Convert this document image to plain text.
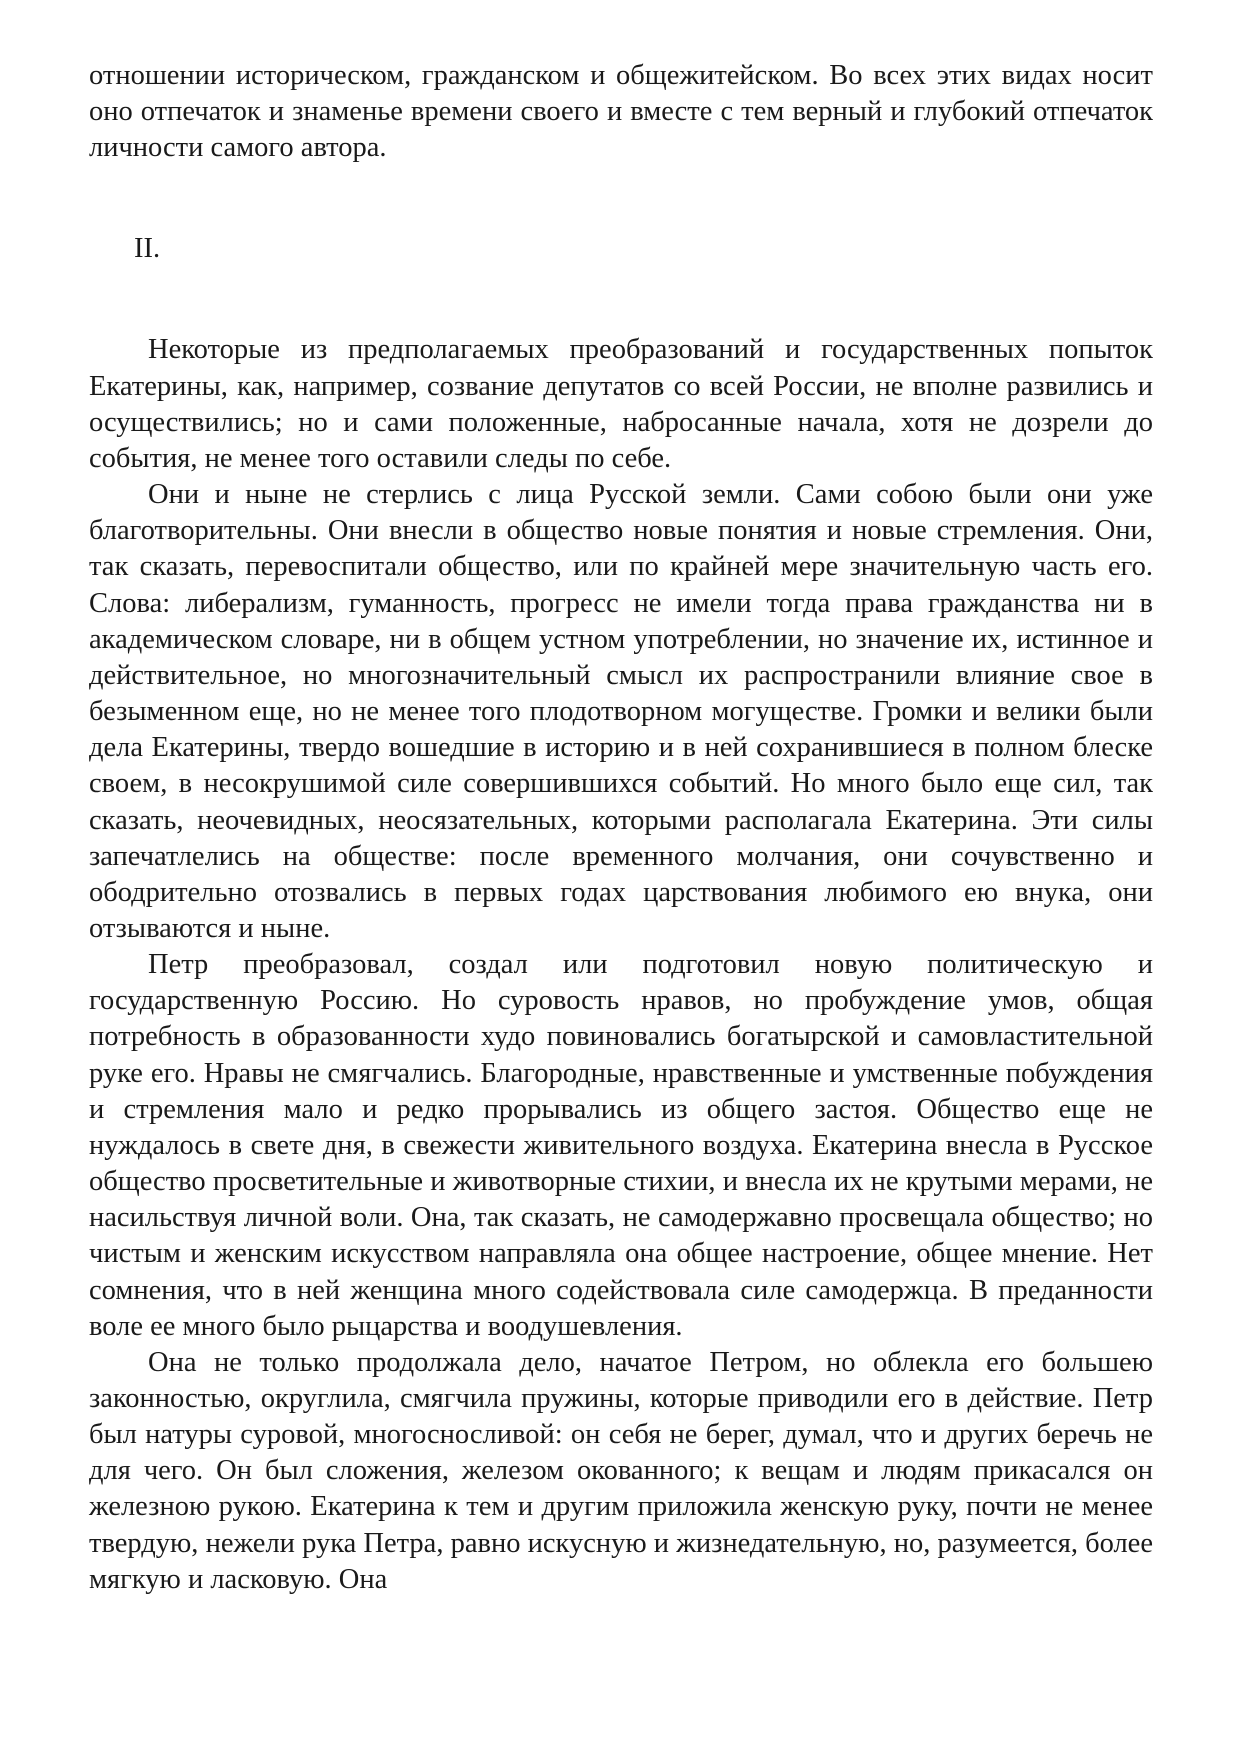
отношении историческом, гражданском и общежитейском. Во всех этих видах носит оно отпечаток и знаменье времени своего и вместе с тем верный и глубокий отпечаток личности самого автора.

II.

Некоторые из предполагаемых преобразований и государственных попыток Екатерины, как, например, созвание депутатов со всей России, не вполне развились и осуществились; но и сами положенные, набросанные начала, хотя не дозрели до события, не менее того оставили следы по себе.

Они и ныне не стерлись с лица Русской земли. Сами собою были они уже благотворительны. Они внесли в общество новые понятия и новые стремления. Они, так сказать, перевоспитали общество, или по крайней мере значительную часть его. Слова: либерализм, гуманность, прогресс не имели тогда права гражданства ни в академическом словаре, ни в общем устном употреблении, но значение их, истинное и действительное, но многозначительный смысл их распространили влияние свое в безыменном еще, но не менее того плодотворном могуществе. Громки и велики были дела Екатерины, твердо вошедшие в историю и в ней сохранившиеся в полном блеске своем, в несокрушимой силе совершившихся событий. Но много было еще сил, так сказать, неочевидных, неосязательных, которыми располагала Екатерина. Эти силы запечатлелись на обществе: после временного молчания, они сочувственно и ободрительно отозвались в первых годах царствования любимого ею внука, они отзываются и ныне.

Петр преобразовал, создал или подготовил новую политическую и государственную Россию. Но суровость нравов, но пробуждение умов, общая потребность в образованности худо повиновались богатырской и самовластительной руке его. Нравы не смягчались. Благородные, нравственные и умственные побуждения и стремления мало и редко прорывались из общего застоя. Общество еще не нуждалось в свете дня, в свежести живительного воздуха. Екатерина внесла в Русское общество просветительные и животворные стихии, и внесла их не крутыми мерами, не насильствуя личной воли. Она, так сказать, не самодержавно просвещала общество; но чистым и женским искусством направляла она общее настроение, общее мнение. Нет сомнения, что в ней женщина много содействовала силе самодержца. В преданности воле ее много было рыцарства и воодушевления.

Она не только продолжала дело, начатое Петром, но облекла его большею законностью, округлила, смягчила пружины, которые приводили его в действие. Петр был натуры суровой, многосносливой: он себя не берег, думал, что и других беречь не для чего. Он был сложения, железом окованного; к вещам и людям прикасался он железною рукою. Екатерина к тем и другим приложила женскую руку, почти не менее твердую, нежели рука Петра, равно искусную и жизнедательную, но, разумеется, более мягкую и ласковую. Она
